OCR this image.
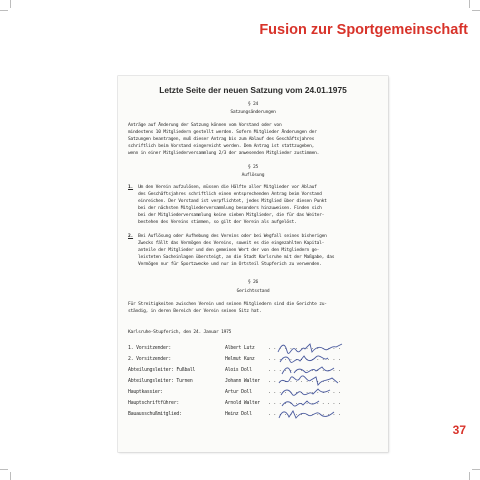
Fusion zur Sportgemeinschaft
Letzte Seite der neuen Satzung vom 24.01.1975
§ 24
Satzungsänderungen
Anträge auf Änderung der Satzung können vom Vorstand oder von
mindestens 10 Mitgliedern gestellt werden. Sofern Mitglieder Änderungen der
Satzungen beantragen, muß dieser Antrag bis zum Ablauf des Geschäftsjahres
schriftlich beim Vorstand eingereicht werden. Dem Antrag ist stattzugeben,
wenn in einer Mitgliederversammlung 2/3 der anwesenden Mitglieder zustimmen.
§ 25
Auflösung
1. Um den Verein aufzulösen, müssen die Hälfte aller Mitglieder vor Ablauf
des Geschäftsjahres schriftlich einen entsprechenden Antrag beim Vorstand
einreichen. Der Vorstand ist verpflichtet, jedes Mitglied über diesen Punkt
bei der nächsten Mitgliederversammlung besonders hinzuweisen. Finden sich
bei der Mitgliederversammlung keine sieben Mitglieder, die für das Weiter-
bestehen des Vereins stimmen, so gilt der Verein als aufgelöst.
2. Bei Auflösung oder Aufhebung des Vereins oder bei Wegfall seines bisherigen
Zwecks fällt das Vermögen des Vereins, soweit es die eingezahlten Kapital-
anteile der Mitglieder und den gemeinen Wert der von den Mitgliedern ge-
leisteten Sacheinlagen übersteigt, an die Stadt Karlsruhe mit der Maßgabe, das
Vermögen nur für Sportzwecke und nur im Ortsteil Stupferich zu verwenden.
§ 26
Gerichtsstand
Für Streitigkeiten zwischen Verein und seinen Mitgliedern sind die Gerichte zu-
ständig, in deren Bereich der Verein seinen Sitz hat.
Karlsruhe-Stupferich, den 24. Januar 1975
1. Vorsitzender:	Albert Lutz	. . . . . . . . . . . . . .
2. Vorsitzender:	Helmut Kunz	. . . . . . . . . . . . . .
Abteilungsleiter: Fußball	Alois Doll	. . . . . . . . . . . . . .
Abteilungsleiter: Turnen	Johann Walter . . . . . . . . . . . . . .
Hauptkassier:	Artur Doll	. . . . . . . . . . . . . .
Hauptschriftführer:	Arnold Walter . . . . . . . . . . . . . .
Bauausschußmitglied:	Heinz Doll	. . . . . . . . . . . . . .
37
